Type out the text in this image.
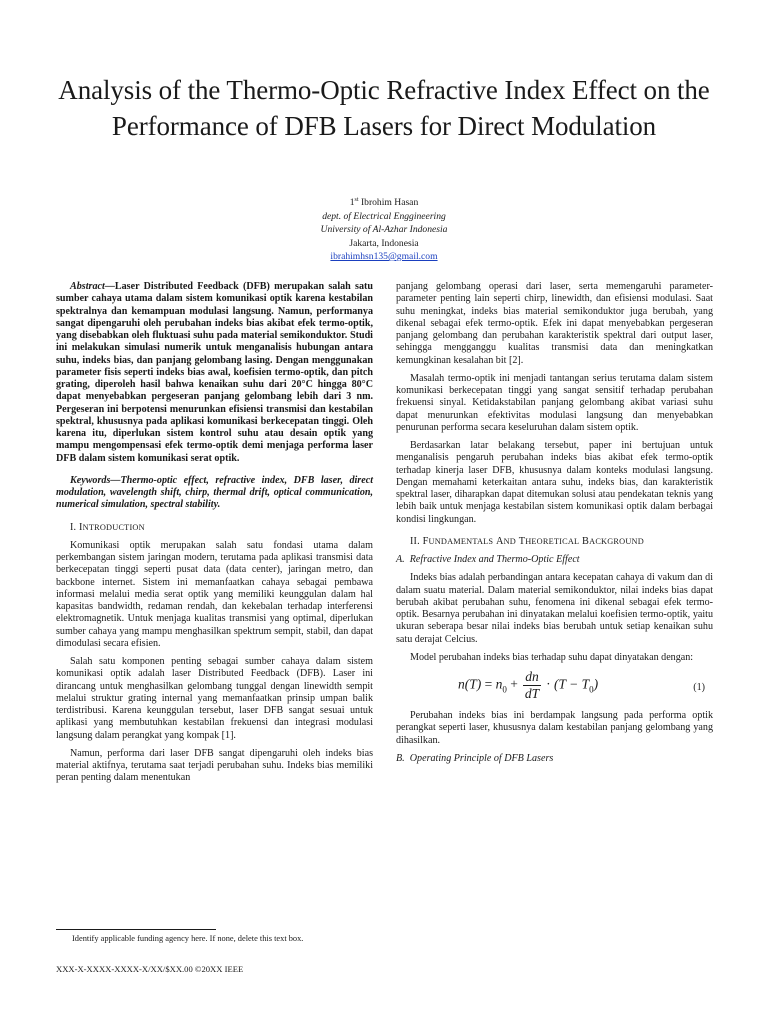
Analysis of the Thermo-Optic Refractive Index Effect on the Performance of DFB Lasers for Direct Modulation
1st Ibrohim Hasan
dept. of Electrical Enggineering
University of Al-Azhar Indonesia
Jakarta, Indonesia
ibrahimhsn135@gmail.com

Abstract—Laser Distributed Feedback (DFB) merupakan salah satu sumber cahaya utama dalam sistem komunikasi optik karena kestabilan spektralnya dan kemampuan modulasi langsung. Namun, performanya sangat dipengaruhi oleh perubahan indeks bias akibat efek termo-optik, yang disebabkan oleh fluktuasi suhu pada material semikonduktor. Studi ini melakukan simulasi numerik untuk menganalisis hubungan antara suhu, indeks bias, dan panjang gelombang lasing. Dengan menggunakan parameter fisis seperti indeks bias awal, koefisien termo-optik, dan pitch grating, diperoleh hasil bahwa kenaikan suhu dari 20°C hingga 80°C dapat menyebabkan pergeseran panjang gelombang lebih dari 3 nm. Pergeseran ini berpotensi menurunkan efisiensi transmisi dan kestabilan spektral, khususnya pada aplikasi komunikasi berkecepatan tinggi. Oleh karena itu, diperlukan sistem kontrol suhu atau desain optik yang mampu mengompensasi efek termo-optik demi menjaga performa laser DFB dalam sistem komunikasi serat optik.

Keywords—Thermo-optic effect, refractive index, DFB laser, direct modulation, wavelength shift, chirp, thermal drift, optical communication, numerical simulation, spectral stability.

I. INTRODUCTION

Komunikasi optik merupakan salah satu fondasi utama dalam perkembangan sistem jaringan modern, terutama pada aplikasi transmisi data berkecepatan tinggi seperti pusat data (data center), jaringan metro, dan backbone internet. Sistem ini memanfaatkan cahaya sebagai pembawa informasi melalui media serat optik yang memiliki keunggulan dalam hal kapasitas bandwidth, redaman rendah, dan kekebalan terhadap interferensi elektromagnetik. Untuk menjaga kualitas transmisi yang optimal, diperlukan sumber cahaya yang mampu menghasilkan spektrum sempit, stabil, dan dapat dimodulasi secara efisien.

Salah satu komponen penting sebagai sumber cahaya dalam sistem komunikasi optik adalah laser Distributed Feedback (DFB). Laser ini dirancang untuk menghasilkan gelombang tunggal dengan linewidth sempit melalui struktur grating internal yang memanfaatkan prinsip umpan balik terdistribusi. Karena keunggulan tersebut, laser DFB sangat sesuai untuk aplikasi yang membutuhkan kestabilan frekuensi dan integrasi modulasi langsung dalam perangkat yang kompak [1].

Namun, performa dari laser DFB sangat dipengaruhi oleh indeks bias material aktifnya, terutama saat terjadi perubahan suhu. Indeks bias memiliki peran penting dalam menentukan

panjang gelombang operasi dari laser, serta memengaruhi parameter-parameter penting lain seperti chirp, linewidth, dan efisiensi modulasi. Saat suhu meningkat, indeks bias material semikonduktor juga berubah, yang dikenal sebagai efek termo-optik. Efek ini dapat menyebabkan pergeseran panjang gelombang dan perubahan karakteristik spektral dari output laser, sehingga mengganggu kualitas transmisi data dan meningkatkan kemungkinan kesalahan bit [2].

Masalah termo-optik ini menjadi tantangan serius terutama dalam sistem komunikasi berkecepatan tinggi yang sangat sensitif terhadap perubahan frekuensi sinyal. Ketidakstabilan panjang gelombang akibat variasi suhu dapat menurunkan efektivitas modulasi langsung dan menyebabkan penurunan performa secara keseluruhan dalam sistem optik.

Berdasarkan latar belakang tersebut, paper ini bertujuan untuk menganalisis pengaruh perubahan indeks bias akibat efek termo-optik terhadap kinerja laser DFB, khususnya dalam konteks modulasi langsung. Dengan memahami keterkaitan antara suhu, indeks bias, dan karakteristik spektral laser, diharapkan dapat ditemukan solusi atau pendekatan teknis yang lebih baik untuk menjaga kestabilan sistem komunikasi optik dalam berbagai kondisi lingkungan.

II. FUNDAMENTALS AND THEORETICAL BACKGROUND

A. Refractive Index and Thermo-Optic Effect

Indeks bias adalah perbandingan antara kecepatan cahaya di vakum dan di dalam suatu material. Dalam material semikonduktor, nilai indeks bias dapat berubah akibat perubahan suhu, fenomena ini dikenal sebagai efek termo-optik. Besarnya perubahan ini dinyatakan melalui koefisien termo-optik, yaitu ukuran seberapa besar nilai indeks bias berubah untuk setiap kenaikan suhu satu derajat Celcius.

Model perubahan indeks bias terhadap suhu dapat dinyatakan dengan:

$n(T) = n_0 + \frac{dn}{dT} \cdot (T - T_0)$	(1)

Perubahan indeks bias ini berdampak langsung pada performa optik perangkat seperti laser, khususnya dalam kestabilan panjang gelombang yang dihasilkan.

B. Operating Principle of DFB Lasers

Identify applicable funding agency here. If none, delete this text box.
XXX-X-XXXX-XXXX-X/XX/$XX.00 ©20XX IEEE
